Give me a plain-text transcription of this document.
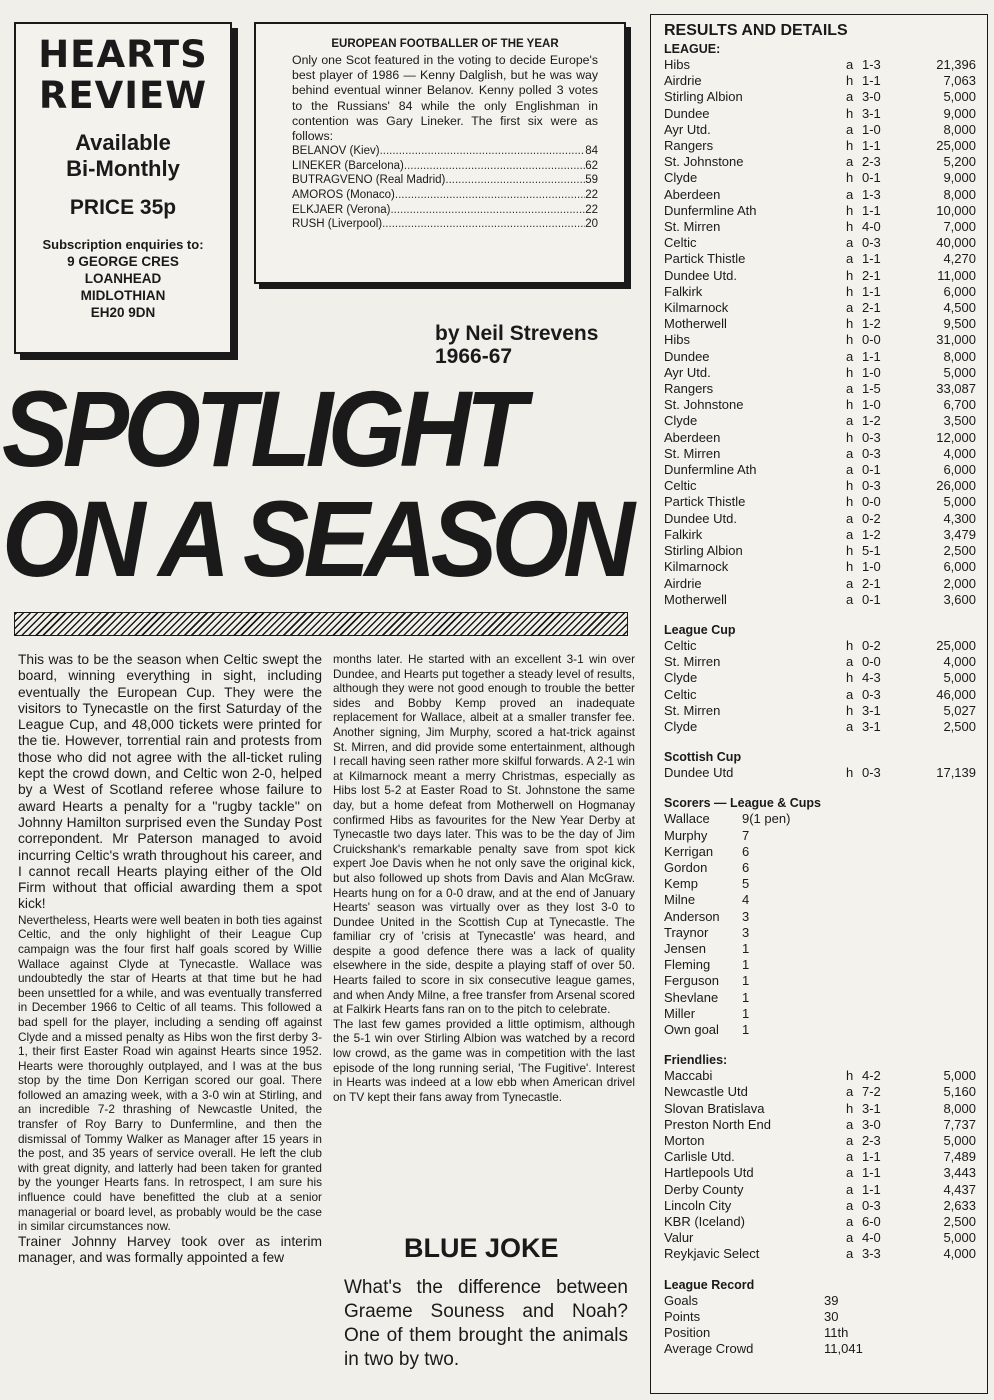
HEARTS
REVIEW
Available
Bi-Monthly
PRICE 35p
Subscription enquiries to:
9 GEORGE CRES
LOANHEAD
MIDLOTHIAN
EH20 9DN
EUROPEAN FOOTBALLER OF THE YEAR
Only one Scot featured in the voting to decide Europe's best player of 1986 — Kenny Dalglish, but he was way behind eventual winner Belanov. Kenny polled 3 votes to the Russians' 84 while the only Englishman in contention was Gary Lineker. The first six were as follows:
BELANOV (Kiev) .....	84
LINEKER (Barcelona) .....	62
BUTRAGVENO (Real Madrid) .....	59
AMOROS (Monaco) .....	22
ELKJAER (Verona) .....	22
RUSH (Liverpool) .....	20
by Neil Strevens
1966-67
SPOTLIGHT
ON A SEASON

This was to be the season when Celtic swept the board, winning everything in sight, including eventually the European Cup. They were the visitors to Tynecastle on the first Saturday of the League Cup, and 48,000 tickets were printed for the tie. However, torrential rain and protests from those who did not agree with the all-ticket ruling kept the crowd down, and Celtic won 2-0, helped by a West of Scotland referee whose failure to award Hearts a penalty for a ''rugby tackle'' on Johnny Hamilton surprised even the Sunday Post correpondent. Mr Paterson managed to avoid incurring Celtic's wrath throughout his career, and I cannot recall Hearts playing either of the Old Firm without that official awarding them a spot kick!

Nevertheless, Hearts were well beaten in both ties against Celtic, and the only highlight of their League Cup campaign was the four first half goals scored by Willie Wallace against Clyde at Tynecastle. Wallace was undoubtedly the star of Hearts at that time but he had been unsettled for a while, and was eventually transferred in December 1966 to Celtic of all teams. This followed a bad spell for the player, including a sending off against Clyde and a missed penalty as Hibs won the first derby 3-1, their first Easter Road win against Hearts since 1952. Hearts were thoroughly outplayed, and I was at the bus stop by the time Don Kerrigan scored our goal. There followed an amazing week, with a 3-0 win at Stirling, and an incredible 7-2 thrashing of Newcastle United, the transfer of Roy Barry to Dunfermline, and then the dismissal of Tommy Walker as Manager after 15 years in the post, and 35 years of service overall. He left the club with great dignity, and latterly had been taken for granted by the younger Hearts fans. In retrospect, I am sure his influence could have benefitted the club at a senior managerial or board level, as probably would be the case in similar circumstances now.

Trainer Johnny Harvey took over as interim manager, and was formally appointed a few

months later. He started with an excellent 3-1 win over Dundee, and Hearts put together a steady level of results, although they were not good enough to trouble the better sides and Bobby Kemp proved an inadequate replacement for Wallace, albeit at a smaller transfer fee. Another signing, Jim Murphy, scored a hat-trick against St. Mirren, and did provide some entertainment, although I recall having seen rather more skilful forwards. A 2-1 win at Kilmarnock meant a merry Christmas, especially as Hibs lost 5-2 at Easter Road to St. Johnstone the same day, but a home defeat from Motherwell on Hogmanay confirmed Hibs as favourites for the New Year Derby at Tynecastle two days later. This was to be the day of Jim Cruickshank's remarkable penalty save from spot kick expert Joe Davis when he not only save the original kick, but also followed up shots from Davis and Alan McGraw. Hearts hung on for a 0-0 draw, and at the end of January Hearts' season was virtually over as they lost 3-0 to Dundee United in the Scottish Cup at Tynecastle. The familiar cry of 'crisis at Tynecastle' was heard, and despite a good defence there was a lack of quality elsewhere in the side, despite a playing staff of over 50. Hearts failed to score in six consecutive league games, and when Andy Milne, a free transfer from Arsenal scored at Falkirk Hearts fans ran on to the pitch to celebrate.

The last few games provided a little optimism, although the 5-1 win over Stirling Albion was watched by a record low crowd, as the game was in competition with the last episode of the long running serial, 'The Fugitive'. Interest in Hearts was indeed at a low ebb when American drivel on TV kept their fans away from Tynecastle.

BLUE JOKE
What's the difference between Graeme Souness and Noah? One of them brought the animals in two by two.
RESULTS AND DETAILS
LEAGUE:
Hibs	a 1-3	21,396
Airdrie	h 1-1	7,063
Stirling Albion	a 3-0	5,000
Dundee	h 3-1	9,000
Ayr Utd.	a 1-0	8,000
Rangers	h 1-1	25,000
St. Johnstone	a 2-3	5,200
Clyde	h 0-1	9,000
Aberdeen	a 1-3	8,000
Dunfermline Ath	h 1-1	10,000
St. Mirren	h 4-0	7,000
Celtic	a 0-3	40,000
Partick Thistle	a 1-1	4,270
Dundee Utd.	h 2-1	11,000
Falkirk	h 1-1	6,000
Kilmarnock	a 2-1	4,500
Motherwell	h 1-2	9,500
Hibs	h 0-0	31,000
Dundee	a 1-1	8,000
Ayr Utd.	h 1-0	5,000
Rangers	a 1-5	33,087
St. Johnstone	h 1-0	6,700
Clyde	a 1-2	3,500
Aberdeen	h 0-3	12,000
St. Mirren	a 0-3	4,000
Dunfermline Ath	a 0-1	6,000
Celtic	h 0-3	26,000
Partick Thistle	h 0-0	5,000
Dundee Utd.	a 0-2	4,300
Falkirk	a 1-2	3,479
Stirling Albion	h 5-1	2,500
Kilmarnock	h 1-0	6,000
Airdrie	a 2-1	2,000
Motherwell	a 0-1	3,600
League Cup
Celtic	h 0-2	25,000
St. Mirren	a 0-0	4,000
Clyde	h 4-3	5,000
Celtic	a 0-3	46,000
St. Mirren	h 3-1	5,027
Clyde	a 3-1	2,500
Scottish Cup
Dundee Utd	h 0-3	17,139
Scorers — League & Cups
Wallace	9(1 pen)
Murphy	7
Kerrigan	6
Gordon	6
Kemp	5
Milne	4
Anderson	3
Traynor	3
Jensen	1
Fleming	1
Ferguson	1
Shevlane	1
Miller	1
Own goal	1
Friendlies:
Maccabi	h 4-2	5,000
Newcastle Utd	a 7-2	5,160
Slovan Bratislava	h 3-1	8,000
Preston North End	a 3-0	7,737
Morton	a 2-3	5,000
Carlisle Utd.	a 1-1	7,489
Hartlepools Utd	a 1-1	3,443
Derby County	a 1-1	4,437
Lincoln City	a 0-3	2,633
KBR (Iceland)	a 6-0	2,500
Valur	a 4-0	5,000
Reykjavic Select	a 3-3	4,000
League Record
Goals	39
Points	30
Position	11th
Average Crowd	11,041
